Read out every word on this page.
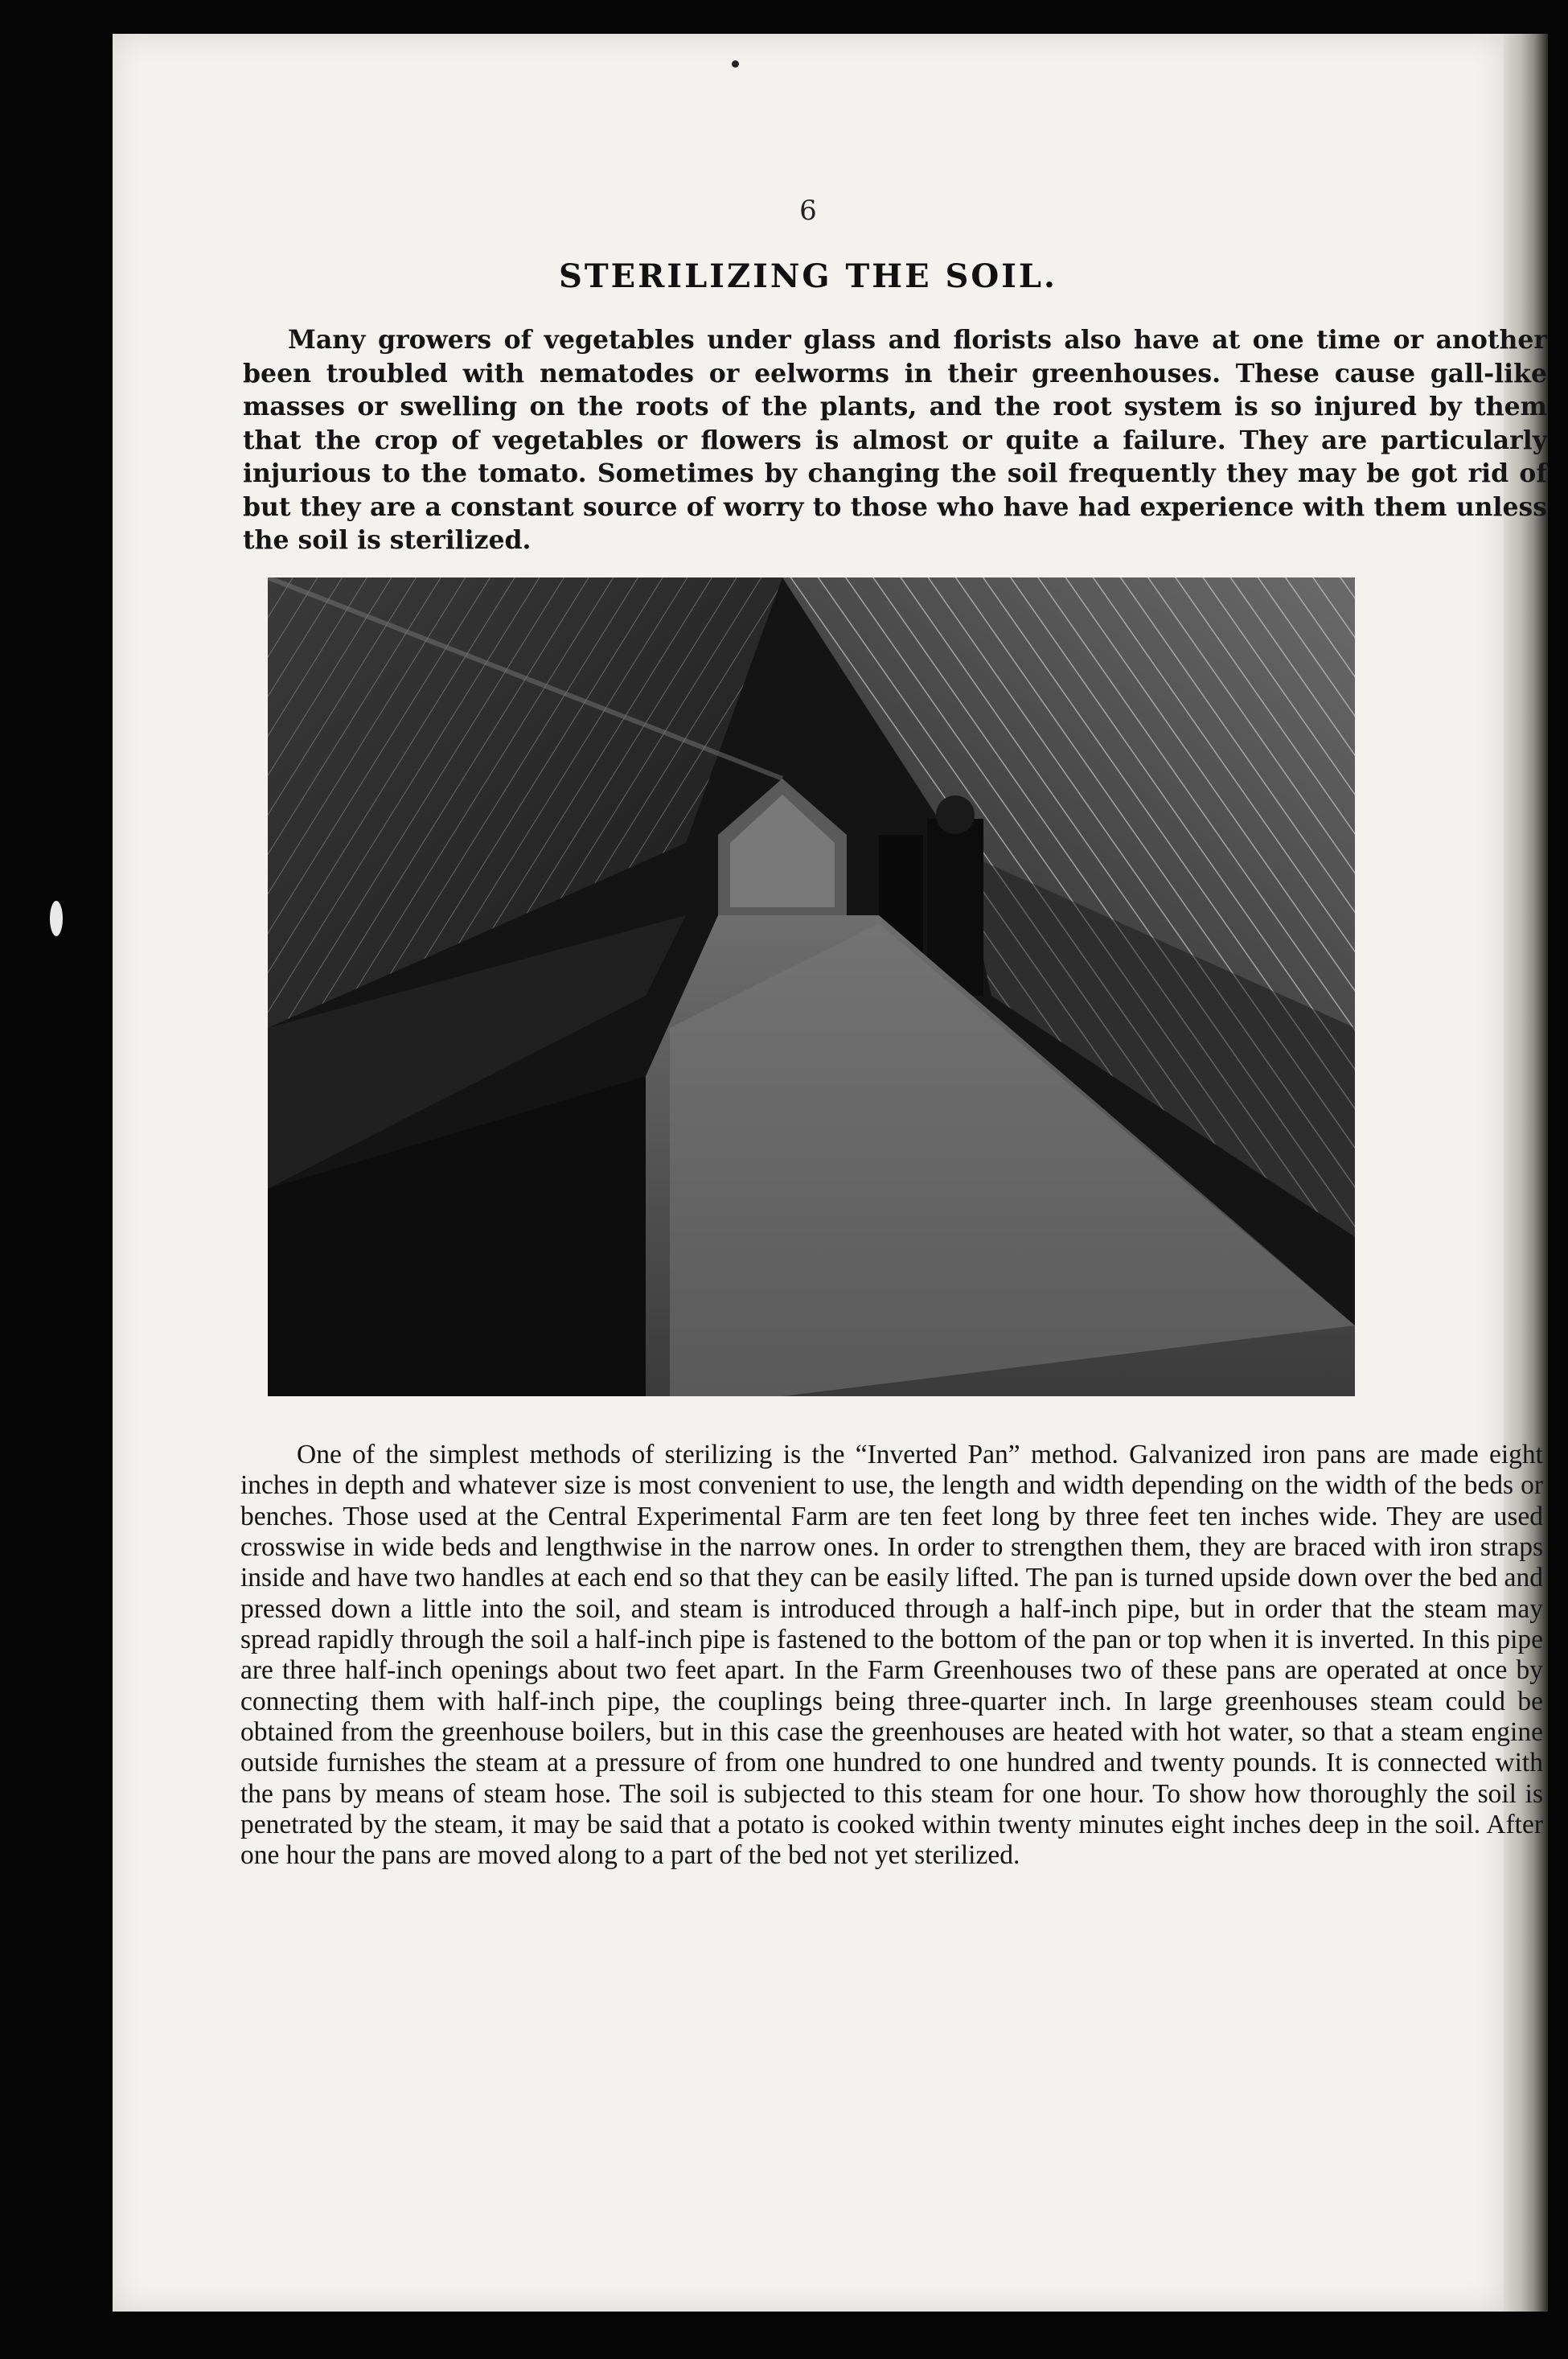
6
STERILIZING THE SOIL.

Many growers of vegetables under glass and florists also have at one time or another been troubled with nematodes or eelworms in their greenhouses. These cause gall-like masses or swelling on the roots of the plants, and the root system is so injured by them that the crop of vegetables or flowers is almost or quite a failure. They are particularly injurious to the tomato. Sometimes by changing the soil frequently they may be got rid of but they are a constant source of worry to those who have had experience with them unless the soil is sterilized.

One of the simplest methods of sterilizing is the “Inverted Pan” method. Galvanized iron pans are made eight inches in depth and whatever size is most convenient to use, the length and width depending on the width of the beds or benches. Those used at the Central Experimental Farm are ten feet long by three feet ten inches wide. They are used crosswise in wide beds and lengthwise in the narrow ones. In order to strengthen them, they are braced with iron straps inside and have two handles at each end so that they can be easily lifted. The pan is turned upside down over the bed and pressed down a little into the soil, and steam is introduced through a half-inch pipe, but in order that the steam may spread rapidly through the soil a half-inch pipe is fastened to the bottom of the pan or top when it is inverted. In this pipe are three half-inch openings about two feet apart. In the Farm Greenhouses two of these pans are operated at once by connecting them with half-inch pipe, the couplings being three-quarter inch. In large greenhouses steam could be obtained from the greenhouse boilers, but in this case the greenhouses are heated with hot water, so that a steam engine outside furnishes the steam at a pressure of from one hundred to one hundred and twenty pounds. It is connected with the pans by means of steam hose. The soil is subjected to this steam for one hour. To show how thoroughly the soil is penetrated by the steam, it may be said that a potato is cooked within twenty minutes eight inches deep in the soil. After one hour the pans are moved along to a part of the bed not yet sterilized.
